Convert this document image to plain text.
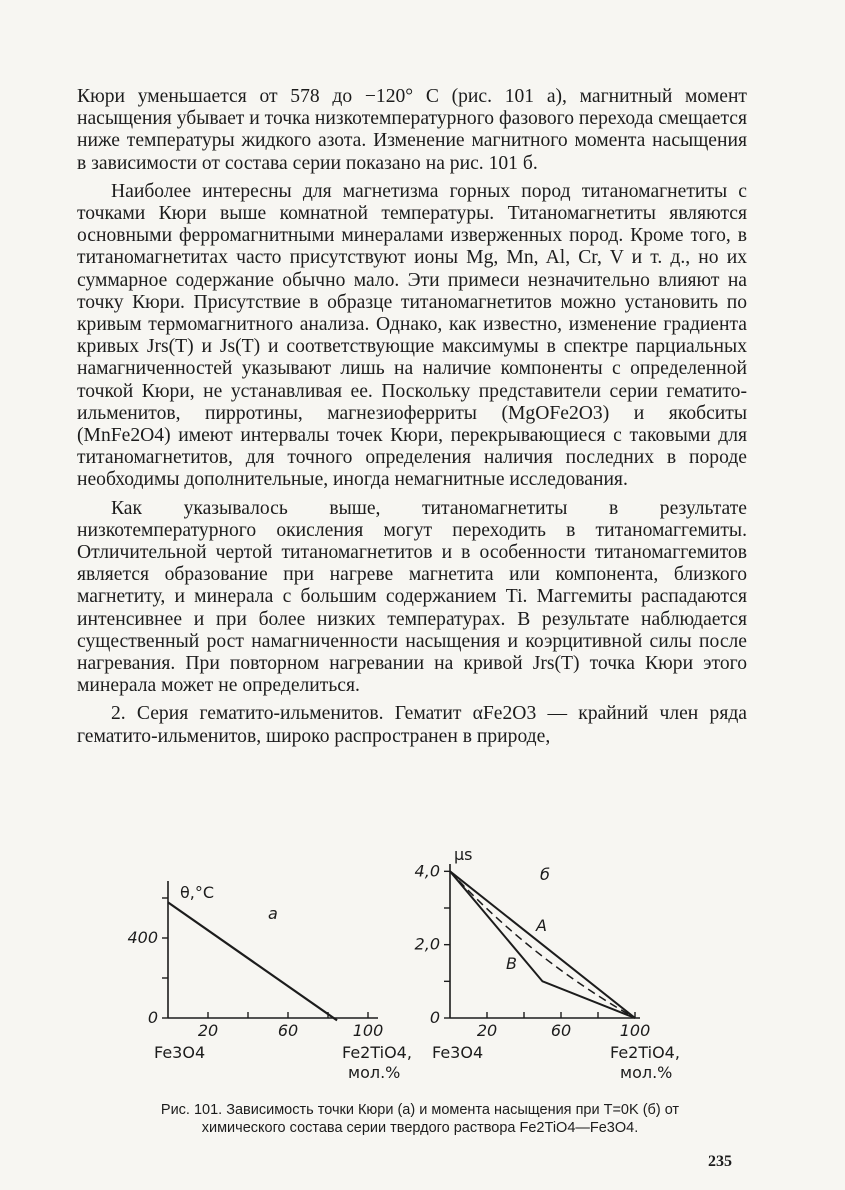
Кюри уменьшается от 578 до −120° С (рис. 101 а), магнитный момент насыщения убывает и точка низкотемпературного фазового перехода смещается ниже температуры жидкого азота. Изменение магнитного момента насыщения в зависимости от состава серии показано на рис. 101 б.

Наиболее интересны для магнетизма горных пород титаномагнетиты с точками Кюри выше комнатной температуры. Титаномагнетиты являются основными ферромагнитными минералами изверженных пород. Кроме того, в титаномагнетитах часто присутствуют ионы Mg, Mn, Al, Cr, V и т. д., но их суммарное содержание обычно мало. Эти примеси незначительно влияют на точку Кюри. Присутствие в образце титаномагнетитов можно установить по кривым термомагнитного анализа. Однако, как известно, изменение градиента кривых Jrs(T) и Js(T) и соответствующие максимумы в спектре парциальных намагниченностей указывают лишь на наличие компоненты с определенной точкой Кюри, не устанавливая ее. Поскольку представители серии гематито-ильменитов, пирротины, магнезиоферриты (MgOFe2O3) и якобситы (MnFe2O4) имеют интервалы точек Кюри, перекрывающиеся с таковыми для титаномагнетитов, для точного определения наличия последних в породе необходимы дополнительные, иногда немагнитные исследования.

Как указывалось выше, титаномагнетиты в результате низкотемпературного окисления могут переходить в титаномаггемиты. Отличительной чертой титаномагнетитов и в особенности титаномаггемитов является образование при нагреве магнетита или компонента, близкого магнетиту, и минерала с большим содержанием Ti. Маггемиты распадаются интенсивнее и при более низких температурах. В результате наблюдается существенный рост намагниченности насыщения и коэрцитивной силы после нагревания. При повторном нагревании на кривой Jrs(T) точка Кюри этого минерала может не определиться.

2. Серия гематито-ильменитов. Гематит αFe2O3 — крайний член ряда гематито-ильменитов, широко распространен в природе,

0
400
20	60	100
θ,°С
а
Fe3O4	Fe2TiO4,
мол.%
0
2,0
4,0
20	60	100
μs
б
А
В
Fe3O4	Fe2TiO4,
мол.%
Рис. 101. Зависимость точки Кюри (а) и момента насыщения при T=0K (б) от
химического состава серии твердого раствора Fe2TiO4—Fe3O4.
235
